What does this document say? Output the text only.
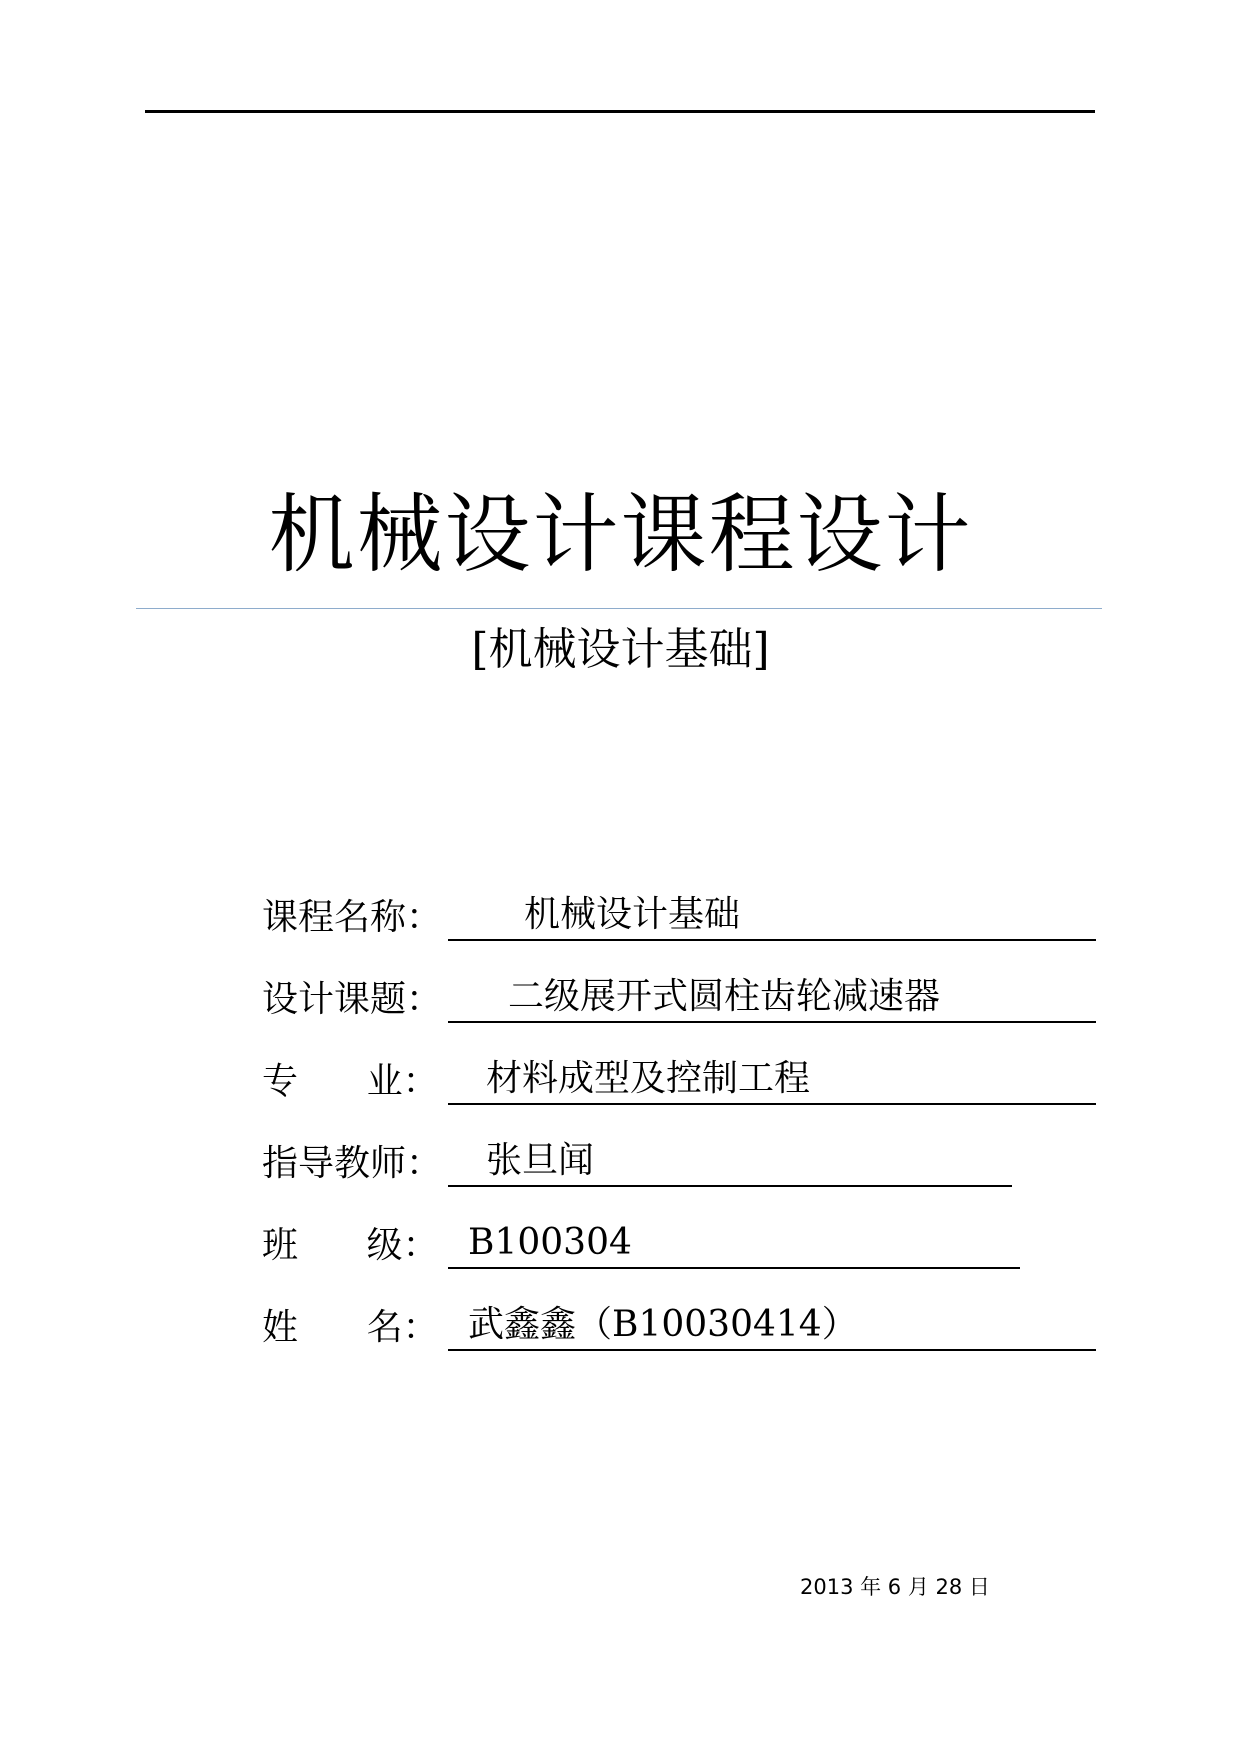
机械设计课程设计
[机械设计基础]
课程名称： 机械设计基础
设计课题： 二级展开式圆柱齿轮减速器
专      业： 材料成型及控制工程
指导教师： 张旦闻
班      级： B100304
姓      名： 武鑫鑫（B10030414）
2013 年 6 月 28 日
